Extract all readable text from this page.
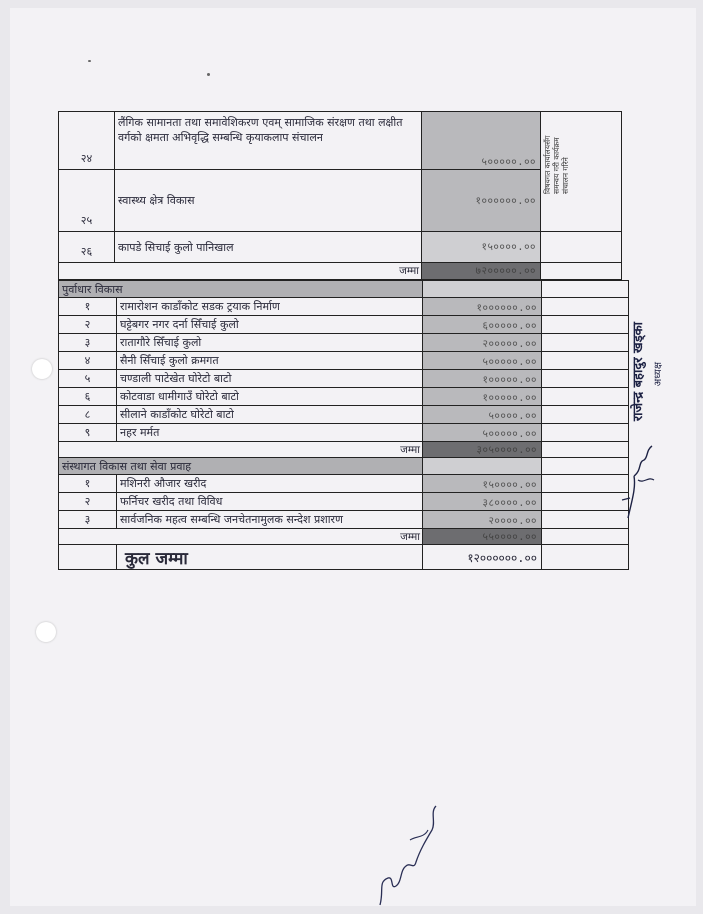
२४	लैंगिक सामानता तथा समावेशिकरण एवम् सामाजिक संरक्षण तथा लक्षीत वर्गको क्षमता अभिवृद्धि सम्बन्धि कृयाकलाप संचालन	५०००००.००	विषयगत कार्यालयसँग समन्वय गरी कार्यक्रम संचालन गरिने

२५	स्वास्थ्य क्षेत्र विकास	१००००००.००	
२६	कापडे सिचाई कुलो पानिखाल	१५००००.००	
जम्मा		७२०००००.००	
पुर्वाधार विकास			
१	रामारोशन काडाँकोट सडक ट्रयाक निर्माण	१००००००.००	
२	घट्टेबगर नगर दर्ना सिँचाई कुलो	६०००००.००	
३	रातागौरे सिँचाई कुलो	२०००००.००	
४	सैनी सिँचाई कुलो क्रमगत	५०००००.००	
५	चण्डाली पाटेखेत घोरेटो बाटो	१०००००.००	
६	कोटवाडा धामीगाउँ घोरेटो बाटो	१०००००.००	
८	सीलाने काडाँकोट घोरेटो बाटो	५००००.००	
९	नहर मर्मत	५०००००.००	
जम्मा		३०५००००.००	
संस्थागत विकास तथा सेवा प्रवाह			
१	मशिनरी औजार खरीद	१५००००.००	
२	फर्निचर खरीद तथा विविध	३८००००.००	
३	सार्वजनिक महत्व सम्बन्धि जनचेतनामुलक सन्देश प्रशारण	२००००.००	
जम्मा		५५००००.००	
	कुल जम्मा	१२००००००.००	
राजेन्द्र बहादुर खड्का अध्यक्ष
